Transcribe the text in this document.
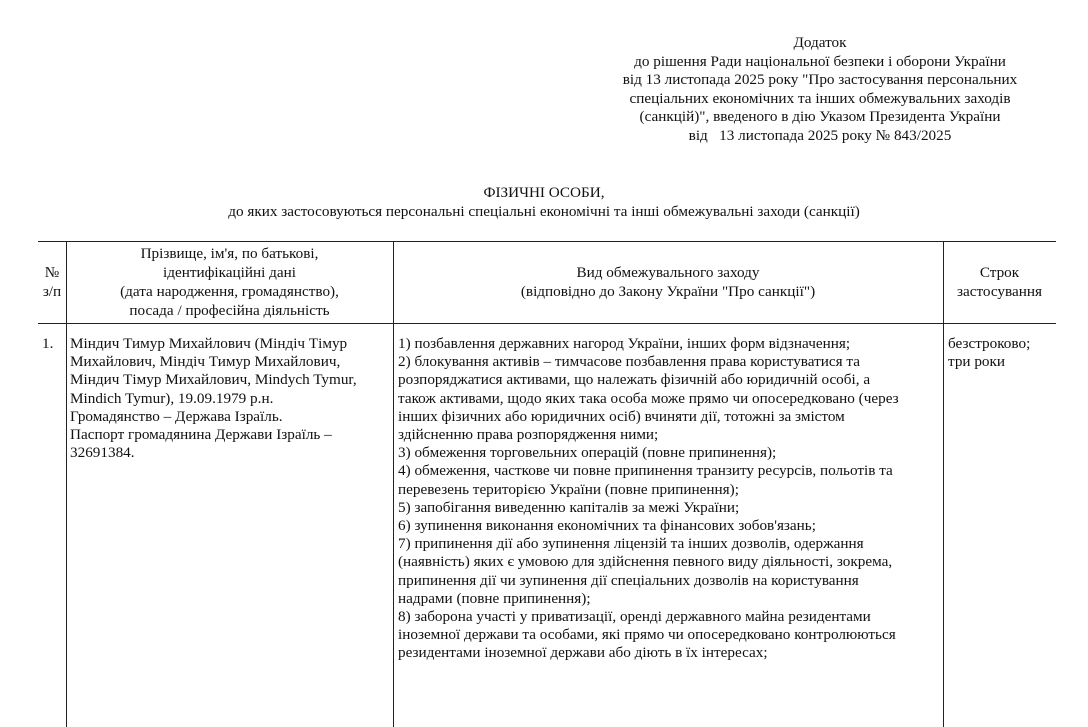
Додаток
до рішення Ради національної безпеки і оборони України
від 13 листопада 2025 року "Про застосування персональних
спеціальних економічних та інших обмежувальних заходів
(санкцій)", введеного в дію Указом Президента України
від   13 листопада 2025 року № 843/2025
ФІЗИЧНІ ОСОБИ,
до яких застосовуються персональні спеціальні економічні та інші обмежувальні заходи (санкції)
№
з/п
Прізвище, ім'я, по батькові,
ідентифікаційні дані
(дата народження, громадянство),
посада / професійна діяльність
Вид обмежувального заходу
(відповідно до Закону України "Про санкції")
Строк
застосування
1.	Міндич Тимур Михайлович (Міндіч Тімур
Михайлович, Міндіч Тимур Михайлович,
Міндич Тімур Михайлович, Mindych Tymur,
Mindich Tymur), 19.09.1979 р.н.
Громадянство – Держава Ізраїль.
Паспорт громадянина Держави Ізраїль –
32691384.
1) позбавлення державних нагород України, інших форм відзначення;
2) блокування активів – тимчасове позбавлення права користуватися та
розпоряджатися активами, що належать фізичній або юридичній особі, а
також активами, щодо яких така особа може прямо чи опосередковано (через
інших фізичних або юридичних осіб) вчиняти дії, тотожні за змістом
здійсненню права розпорядження ними;
3) обмеження торговельних операцій (повне припинення);
4) обмеження, часткове чи повне припинення транзиту ресурсів, польотів та
перевезень територією України (повне припинення);
5) запобігання виведенню капіталів за межі України;
6) зупинення виконання економічних та фінансових зобов'язань;
7) припинення дії або зупинення ліцензій та інших дозволів, одержання
(наявність) яких є умовою для здійснення певного виду діяльності, зокрема,
припинення дії чи зупинення дії спеціальних дозволів на користування
надрами (повне припинення);
8) заборона участі у приватизації, оренді державного майна резидентами
іноземної держави та особами, які прямо чи опосередковано контролюються
резидентами іноземної держави або діють в їх інтересах;
безстроково;
три роки
